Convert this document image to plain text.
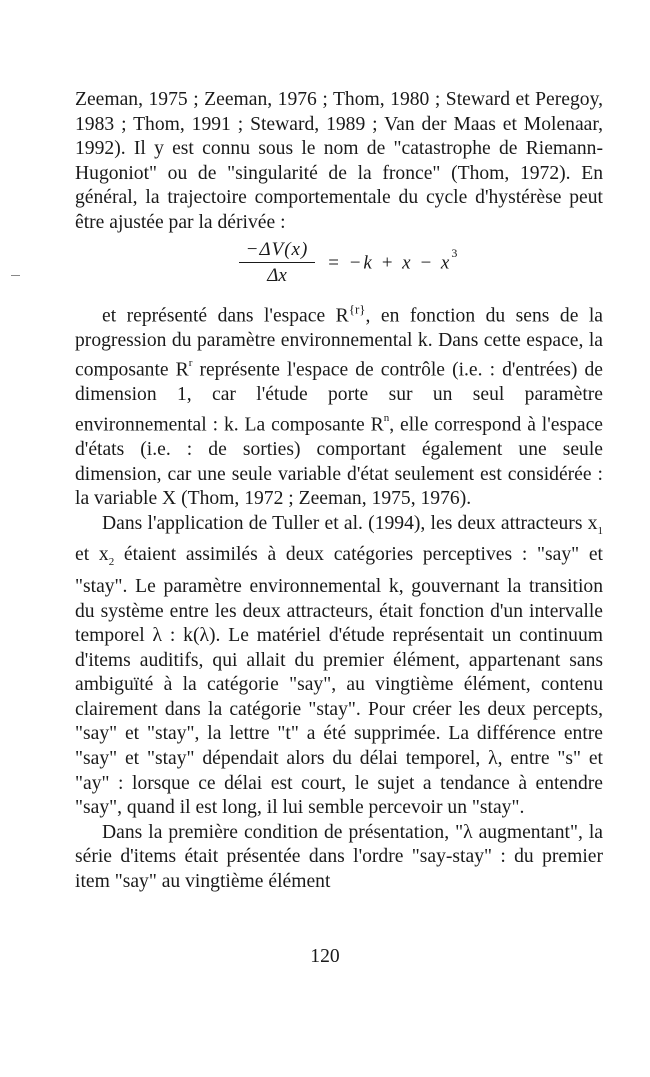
Zeeman, 1975 ; Zeeman, 1976 ; Thom, 1980 ; Steward et Peregoy, 1983 ; Thom, 1991 ; Steward, 1989 ; Van der Maas et Molenaar, 1992). Il y est connu sous le nom de "catastrophe de Riemann-Hugoniot" ou de "singularité de la fronce" (Thom, 1972). En général, la trajectoire comportementale du cycle d'hystérèse peut être ajustée par la dérivée :

−ΔV(x)
Δx
= $-k + x - x^3$

et représenté dans l'espace $R^{\{r\}}$, en fonction du sens de la progression du paramètre environnemental k. Dans cette espace, la composante $R^r$ représente l'espace de contrôle (i.e. : d'entrées) de dimension 1, car l'étude porte sur un seul paramètre environnemental : k. La composante $R^n$, elle correspond à l'espace d'états (i.e. : de sorties) comportant également une seule dimension, car une seule variable d'état seulement est considérée : la variable X (Thom, 1972 ; Zeeman, 1975, 1976).

Dans l'application de Tuller et al. (1994), les deux attracteurs $x_1$ et $x_2$ étaient assimilés à deux catégories perceptives : "say" et "stay". Le paramètre environnemental k, gouvernant la transition du système entre les deux attracteurs, était fonction d'un intervalle temporel λ : k(λ). Le matériel d'étude représentait un continuum d'items auditifs, qui allait du premier élément, appartenant sans ambiguïté à la catégorie "say", au vingtième élément, contenu clairement dans la catégorie "stay". Pour créer les deux percepts, "say" et "stay", la lettre "t" a été supprimée. La différence entre "say" et "stay" dépendait alors du délai temporel, λ, entre "s" et "ay" : lorsque ce délai est court, le sujet a tendance à entendre "say", quand il est long, il lui semble percevoir un "stay".

Dans la première condition de présentation, "λ augmentant", la série d'items était présentée dans l'ordre "say-stay" : du premier item "say" au vingtième élément

120
